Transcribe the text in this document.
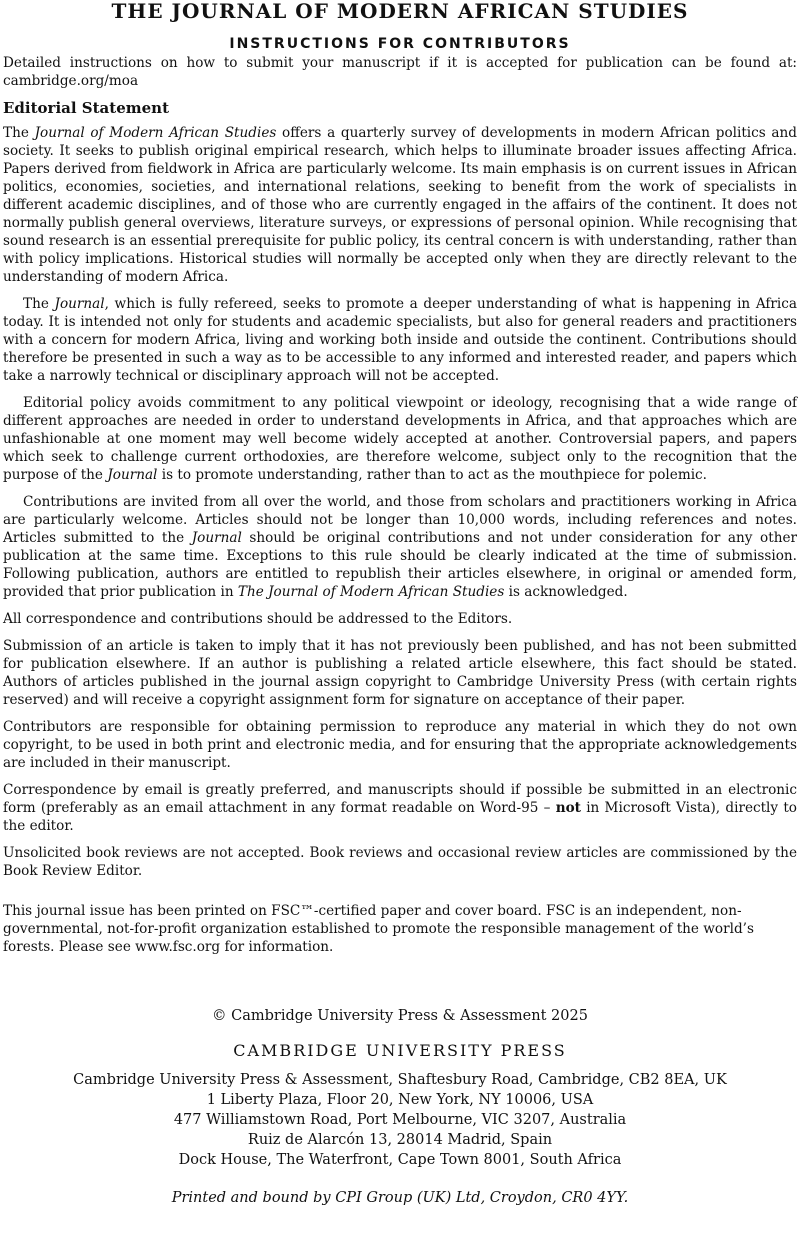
THE JOURNAL OF MODERN AFRICAN STUDIES
INSTRUCTIONS FOR CONTRIBUTORS

Detailed instructions on how to submit your manuscript if it is accepted for publication can be found at: cambridge.org/moa

Editorial Statement

The Journal of Modern African Studies offers a quarterly survey of developments in modern African politics and society. It seeks to publish original empirical research, which helps to illuminate broader issues affecting Africa. Papers derived from fieldwork in Africa are particularly welcome. Its main emphasis is on current issues in African politics, economies, societies, and international relations, seeking to benefit from the work of specialists in different academic disciplines, and of those who are currently engaged in the affairs of the continent. It does not normally publish general overviews, literature surveys, or expressions of personal opinion. While recognising that sound research is an essential prerequisite for public policy, its central concern is with understanding, rather than with policy implications. Historical studies will normally be accepted only when they are directly relevant to the understanding of modern Africa.

The Journal, which is fully refereed, seeks to promote a deeper understanding of what is happening in Africa today. It is intended not only for students and academic specialists, but also for general readers and practitioners with a concern for modern Africa, living and working both inside and outside the continent. Contributions should therefore be presented in such a way as to be accessible to any informed and interested reader, and papers which take a narrowly technical or disciplinary approach will not be accepted.

Editorial policy avoids commitment to any political viewpoint or ideology, recognising that a wide range of different approaches are needed in order to understand developments in Africa, and that approaches which are unfashionable at one moment may well become widely accepted at another. Controversial papers, and papers which seek to challenge current orthodoxies, are therefore welcome, subject only to the recognition that the purpose of the Journal is to promote understanding, rather than to act as the mouthpiece for polemic.

Contributions are invited from all over the world, and those from scholars and practitioners working in Africa are particularly welcome. Articles should not be longer than 10,000 words, including references and notes. Articles submitted to the Journal should be original contributions and not under consideration for any other publication at the same time. Exceptions to this rule should be clearly indicated at the time of submission. Following publication, authors are entitled to republish their articles elsewhere, in original or amended form, provided that prior publication in The Journal of Modern African Studies is acknowledged.

All correspondence and contributions should be addressed to the Editors.

Submission of an article is taken to imply that it has not previously been published, and has not been submitted for publication elsewhere. If an author is publishing a related article elsewhere, this fact should be stated. Authors of articles published in the journal assign copyright to Cambridge University Press (with certain rights reserved) and will receive a copyright assignment form for signature on acceptance of their paper.

Contributors are responsible for obtaining permission to reproduce any material in which they do not own copyright, to be used in both print and electronic media, and for ensuring that the appropriate acknowledgements are included in their manuscript.

Correspondence by email is greatly preferred, and manuscripts should if possible be submitted in an electronic form (preferably as an email attachment in any format readable on Word-95 – not in Microsoft Vista), directly to the editor.

Unsolicited book reviews are not accepted. Book reviews and occasional review articles are commissioned by the Book Review Editor.

This journal issue has been printed on FSC™-certified paper and cover board. FSC is an independent, non-governmental, not-for-profit organization established to promote the responsible management of the world’s forests. Please see www.fsc.org for information.

© Cambridge University Press & Assessment 2025
CAMBRIDGE UNIVERSITY PRESS
Cambridge University Press & Assessment, Shaftesbury Road, Cambridge, CB2 8EA, UK
1 Liberty Plaza, Floor 20, New York, NY 10006, USA
477 Williamstown Road, Port Melbourne, VIC 3207, Australia
Ruiz de Alarcón 13, 28014 Madrid, Spain
Dock House, The Waterfront, Cape Town 8001, South Africa
Printed and bound by CPI Group (UK) Ltd, Croydon, CR0 4YY.
